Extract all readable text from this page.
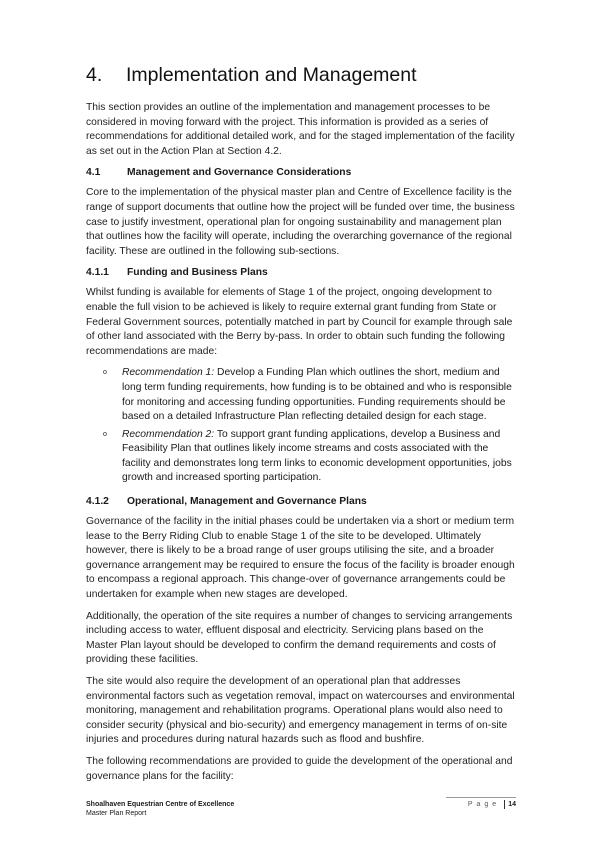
4.	Implementation and Management

This section provides an outline of the implementation and management processes to be considered in moving forward with the project. This information is provided as a series of recommendations for additional detailed work, and for the staged implementation of the facility as set out in the Action Plan at Section 4.2.

4.1	Management and Governance Considerations

Core to the implementation of the physical master plan and Centre of Excellence facility is the range of support documents that outline how the project will be funded over time, the business case to justify investment, operational plan for ongoing sustainability and management plan that outlines how the facility will operate, including the overarching governance of the regional facility. These are outlined in the following sub-sections.

4.1.1	Funding and Business Plans

Whilst funding is available for elements of Stage 1 of the project, ongoing development to enable the full vision to be achieved is likely to require external grant funding from State or Federal Government sources, potentially matched in part by Council for example through sale of other land associated with the Berry by-pass. In order to obtain such funding the following recommendations are made:

o Recommendation 1: Develop a Funding Plan which outlines the short, medium and long term funding requirements, how funding is to be obtained and who is responsible for monitoring and accessing funding opportunities. Funding requirements should be based on a detailed Infrastructure Plan reflecting detailed design for each stage.
o Recommendation 2: To support grant funding applications, develop a Business and Feasibility Plan that outlines likely income streams and costs associated with the facility and demonstrates long term links to economic development opportunities, jobs growth and increased sporting participation.
4.1.2	Operational, Management and Governance Plans

Governance of the facility in the initial phases could be undertaken via a short or medium term lease to the Berry Riding Club to enable Stage 1 of the site to be developed. Ultimately however, there is likely to be a broad range of user groups utilising the site, and a broader governance arrangement may be required to ensure the focus of the facility is broader enough to encompass a regional approach. This change-over of governance arrangements could be undertaken for example when new stages are developed.

Additionally, the operation of the site requires a number of changes to servicing arrangements including access to water, effluent disposal and electricity. Servicing plans based on the Master Plan layout should be developed to confirm the demand requirements and costs of providing these facilities.

The site would also require the development of an operational plan that addresses environmental factors such as vegetation removal, impact on watercourses and environmental monitoring, management and rehabilitation programs. Operational plans would also need to consider security (physical and bio-security) and emergency management in terms of on-site injuries and procedures during natural hazards such as flood and bushfire.

The following recommendations are provided to guide the development of the operational and governance plans for the facility:

Shoalhaven Equestrian Centre of Excellence
Master Plan Report
Page	14
